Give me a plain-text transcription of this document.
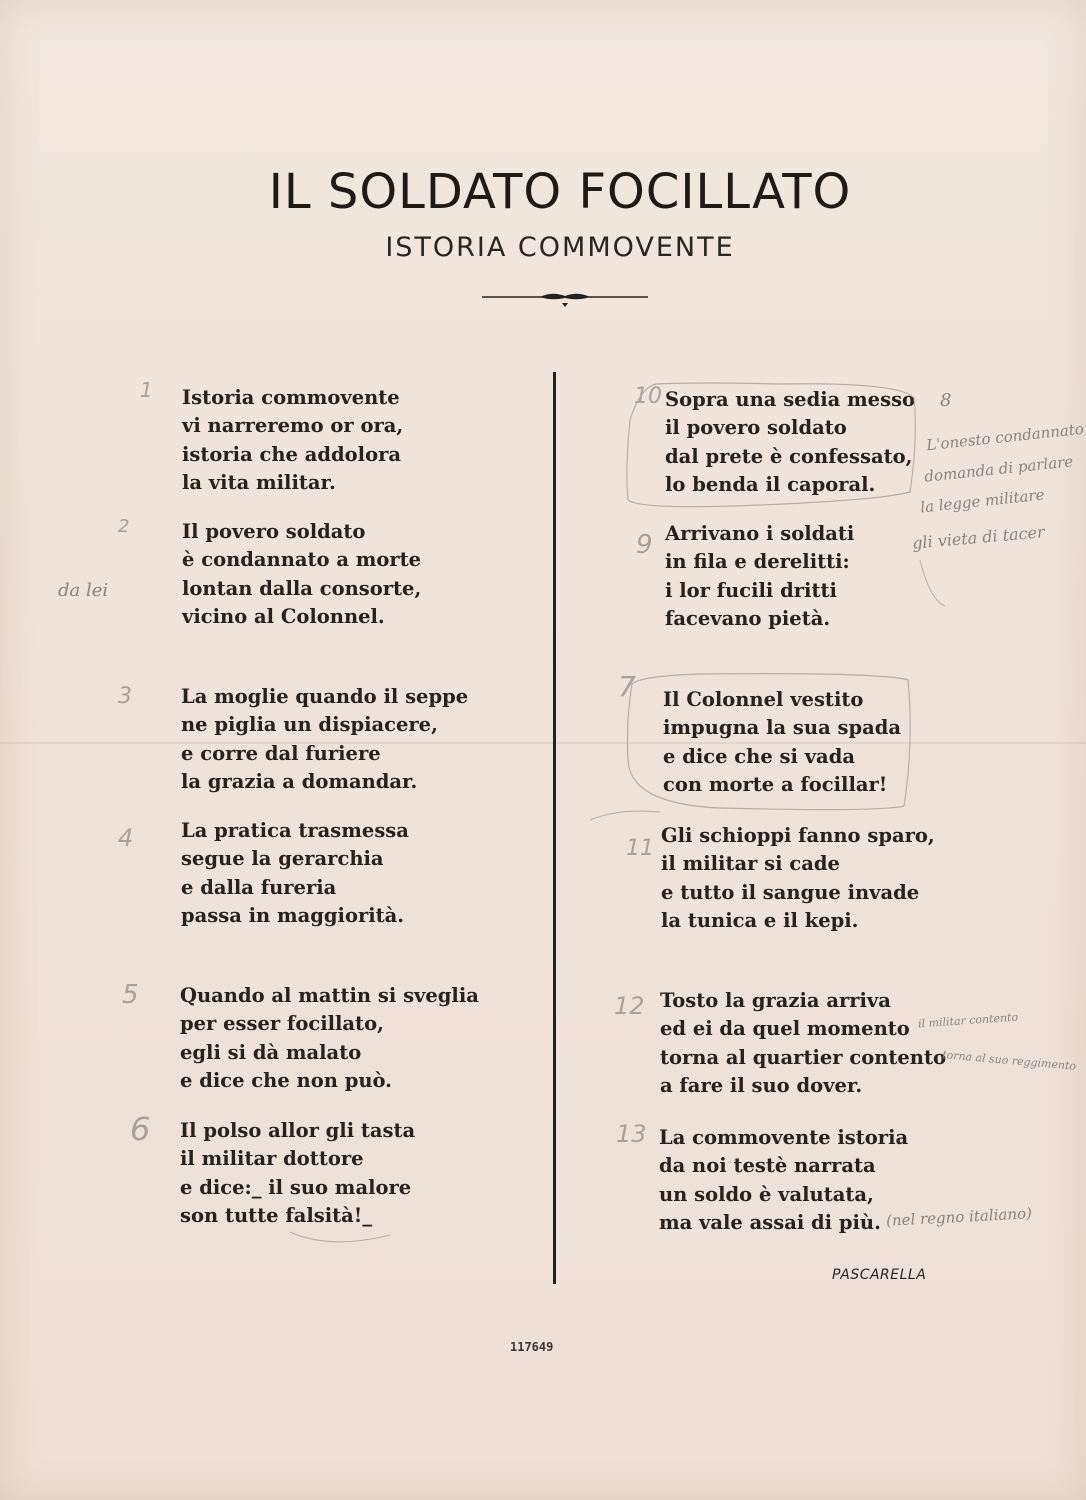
IL SOLDATO FOCILLATO
ISTORIA COMMOVENTE
Istoria commovente
vi narreremo or ora,
istoria che addolora
la vita militar.
Il povero soldato
è condannato a morte
lontan dalla consorte,
vicino al Colonnel.
La moglie quando il seppe
ne piglia un dispiacere,
e corre dal furiere
la grazia a domandar.
La pratica trasmessa
segue la gerarchia
e dalla fureria
passa in maggiorità.
Quando al mattin si sveglia
per esser focillato,
egli si dà malato
e dice che non può.
Il polso allor gli tasta
il militar dottore
e dice:_ il suo malore
son tutte falsità!_
Sopra una sedia messo
il povero soldato
dal prete è confessato,
lo benda il caporal.
Arrivano i soldati
in fila e derelitti:
i lor fucili dritti
facevano pietà.
Il Colonnel vestito
impugna la sua spada
e dice che si vada
con morte a focillar!
Gli schioppi fanno sparo,
il militar si cade
e tutto il sangue invade
la tunica e il kepi.
Tosto la grazia arriva
ed ei da quel momento
torna al quartier contento
a fare il suo dover.
La commovente istoria
da noi testè narrata
un soldo è valutata,
ma vale assai di più.
1
2
3
4
5
6
10
9
7
11
12
13
da lei
8
L'onesto condannato
domanda di parlare
la legge militare
gli vieta di tacer
il militar contento
torna al suo reggimento
(nel regno italiano)
PASCARELLA
117649
